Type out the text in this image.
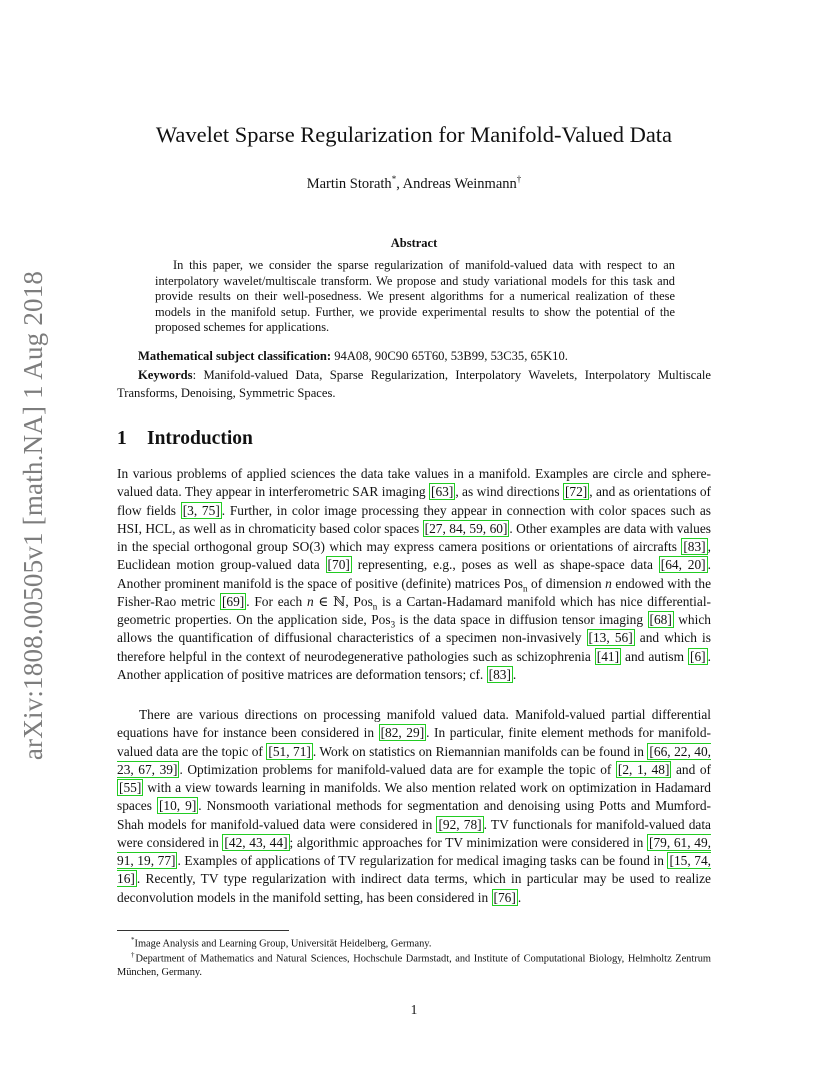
arXiv:1808.00505v1 [math.NA] 1 Aug 2018
Wavelet Sparse Regularization for Manifold-Valued Data
Martin Storath*, Andreas Weinmann†
Abstract

In this paper, we consider the sparse regularization of manifold-valued data with respect to an interpolatory wavelet/multiscale transform. We propose and study variational models for this task and provide results on their well-posedness. We present algorithms for a numerical realization of these models in the manifold setup. Further, we provide experimental results to show the potential of the proposed schemes for applications.

Mathematical subject classification: 94A08, 90C90 65T60, 53B99, 53C35, 65K10.

Keywords: Manifold-valued Data, Sparse Regularization, Interpolatory Wavelets, Interpolatory Multiscale Transforms, Denoising, Symmetric Spaces.

1 Introduction

In various problems of applied sciences the data take values in a manifold. Examples are circle and sphere-valued data. They appear in interferometric SAR imaging [63] , as wind directions [72] , and as orientations of flow fields [3, 75] . Further, in color image processing they appear in connection with color spaces such as HSI, HCL, as well as in chromaticity based color spaces [27, 84, 59, 60] . Other examples are data with values in the special orthogonal group SO(3) which may express camera positions or orientations of aircrafts [83] , Euclidean motion group-valued data [70] representing, e.g., poses as well as shape-space data [64, 20] . Another prominent manifold is the space of positive (definite) matrices Pos$_n$ of dimension n endowed with the Fisher-Rao metric [69] . For each n ∈ ℕ, Pos$_n$ is a Cartan-Hadamard manifold which has nice differential-geometric properties. On the application side, Pos$_3$ is the data space in diffusion tensor imaging [68] which allows the quantification of diffusional characteristics of a specimen non-invasively [13, 56] and which is therefore helpful in the context of neurodegenerative pathologies such as schizophrenia [41] and autism [6] . Another application of positive matrices are deformation tensors; cf. [83] .

There are various directions on processing manifold valued data. Manifold-valued partial differential equations have for instance been considered in [82, 29] . In particular, finite element methods for manifold-valued data are the topic of [51, 71] . Work on statistics on Riemannian manifolds can be found in [66, 22, 40, 23, 67, 39] . Optimization problems for manifold-valued data are for example the topic of [2, 1, 48] and of [55] with a view towards learning in manifolds. We also mention related work on optimization in Hadamard spaces [10, 9] . Nonsmooth variational methods for segmentation and denoising using Potts and Mumford-Shah models for manifold-valued data were considered in [92, 78] . TV functionals for manifold-valued data were considered in [42, 43, 44] ; algorithmic approaches for TV minimization were considered in [79, 61, 49, 91, 19, 77] . Examples of applications of TV regularization for medical imaging tasks can be found in [15, 74, 16] . Recently, TV type regularization with indirect data terms, which in particular may be used to realize deconvolution models in the manifold setting, has been considered in [76] .

*Image Analysis and Learning Group, Universität Heidelberg, Germany.

†Department of Mathematics and Natural Sciences, Hochschule Darmstadt, and Institute of Computational Biology, Helmholtz Zentrum München, Germany.

1
